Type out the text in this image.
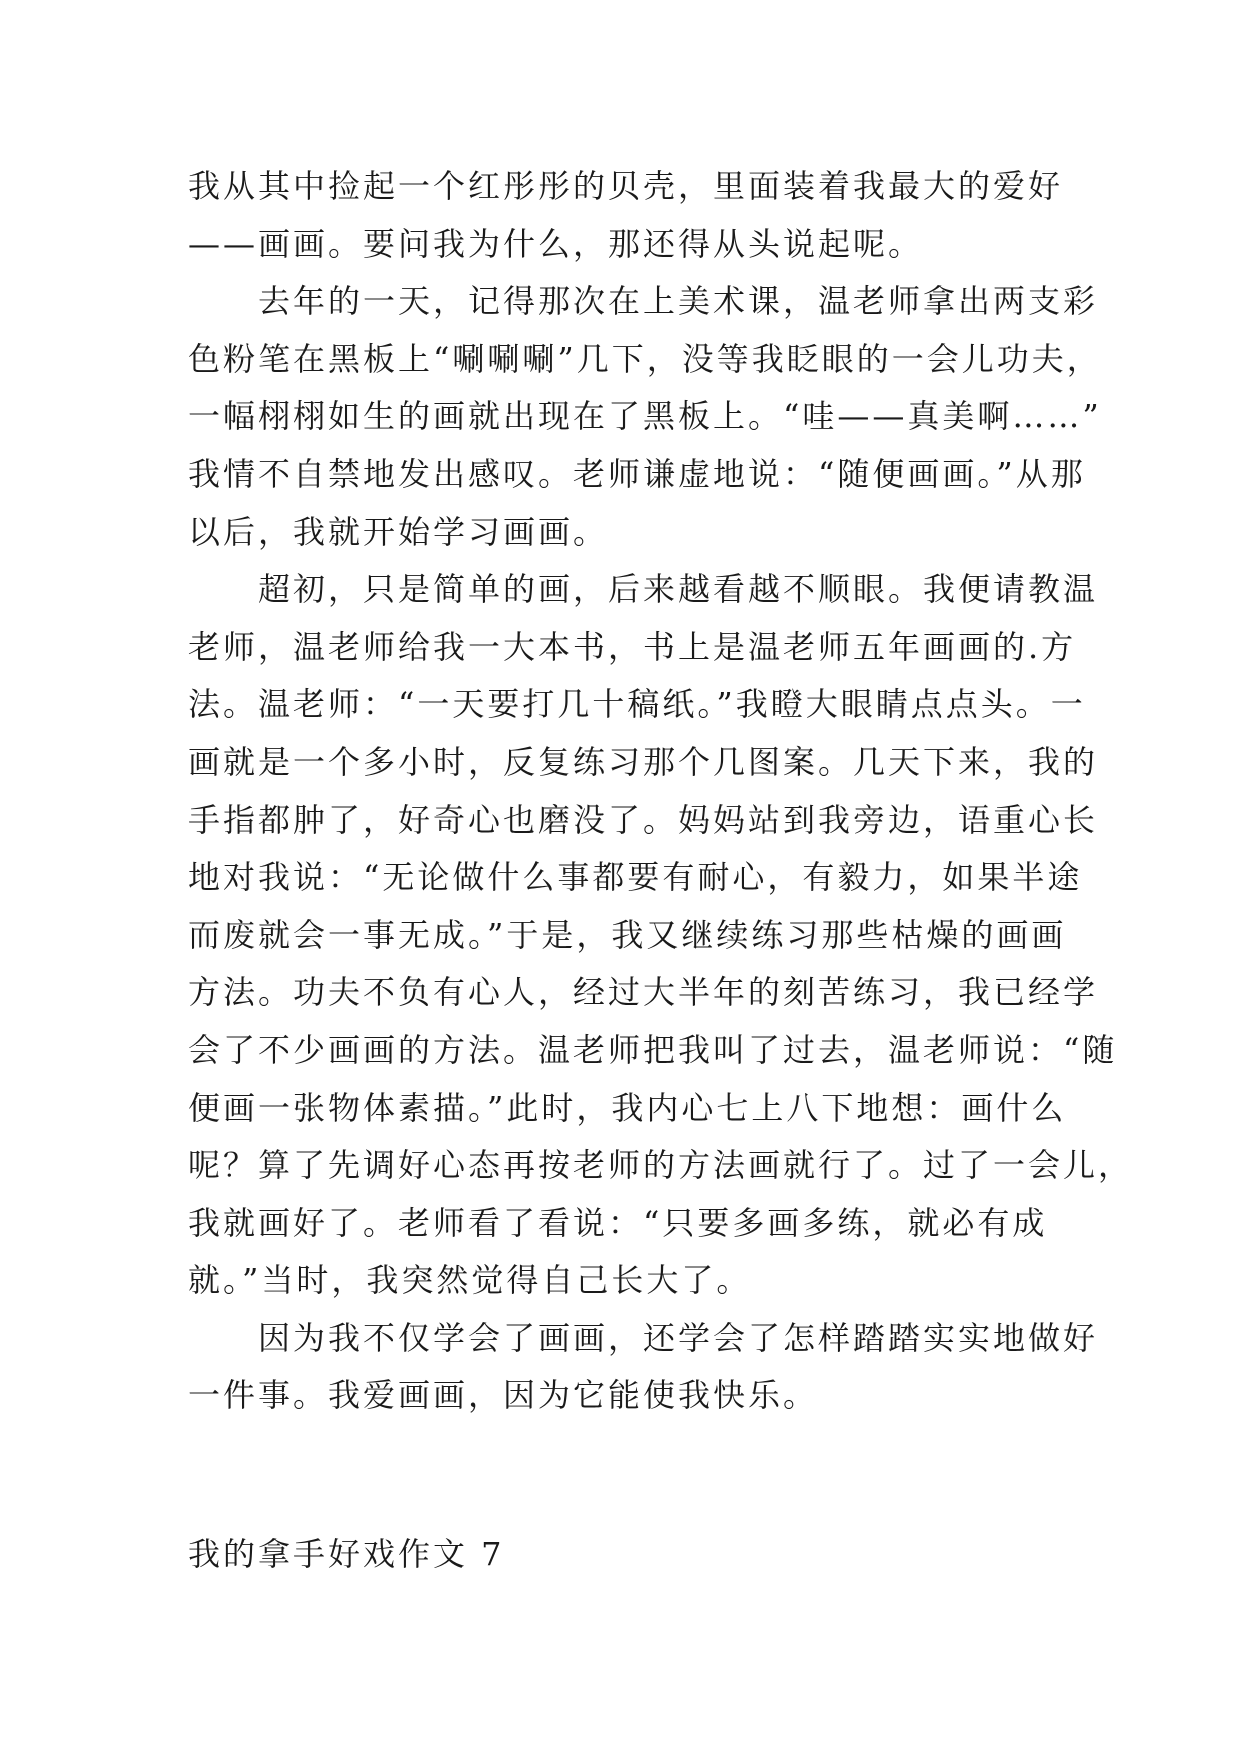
我从其中捡起一个红彤彤的贝壳，里面装着我最大的爱好
——画画。要问我为什么，那还得从头说起呢。
　　去年的一天，记得那次在上美术课，温老师拿出两支彩
色粉笔在黑板上“唰唰唰”几下，没等我眨眼的一会儿功夫，
一幅栩栩如生的画就出现在了黑板上。“哇——真美啊……”
我情不自禁地发出感叹。老师谦虚地说：“随便画画。”从那
以后，我就开始学习画画。
　　超初，只是简单的画，后来越看越不顺眼。我便请教温
老师，温老师给我一大本书，书上是温老师五年画画的.方
法。温老师：“一天要打几十稿纸。”我瞪大眼睛点点头。一
画就是一个多小时，反复练习那个几图案。几天下来，我的
手指都肿了，好奇心也磨没了。妈妈站到我旁边，语重心长
地对我说：“无论做什么事都要有耐心，有毅力，如果半途
而废就会一事无成。”于是，我又继续练习那些枯燥的画画
方法。功夫不负有心人，经过大半年的刻苦练习，我已经学
会了不少画画的方法。温老师把我叫了过去，温老师说：“随
便画一张物体素描。”此时，我内心七上八下地想：画什么
呢？算了先调好心态再按老师的方法画就行了。过了一会儿，
我就画好了。老师看了看说：“只要多画多练，就必有成
就。”当时，我突然觉得自己长大了。
　　因为我不仅学会了画画，还学会了怎样踏踏实实地做好
一件事。我爱画画，因为它能使我快乐。
我的拿手好戏作文 7
